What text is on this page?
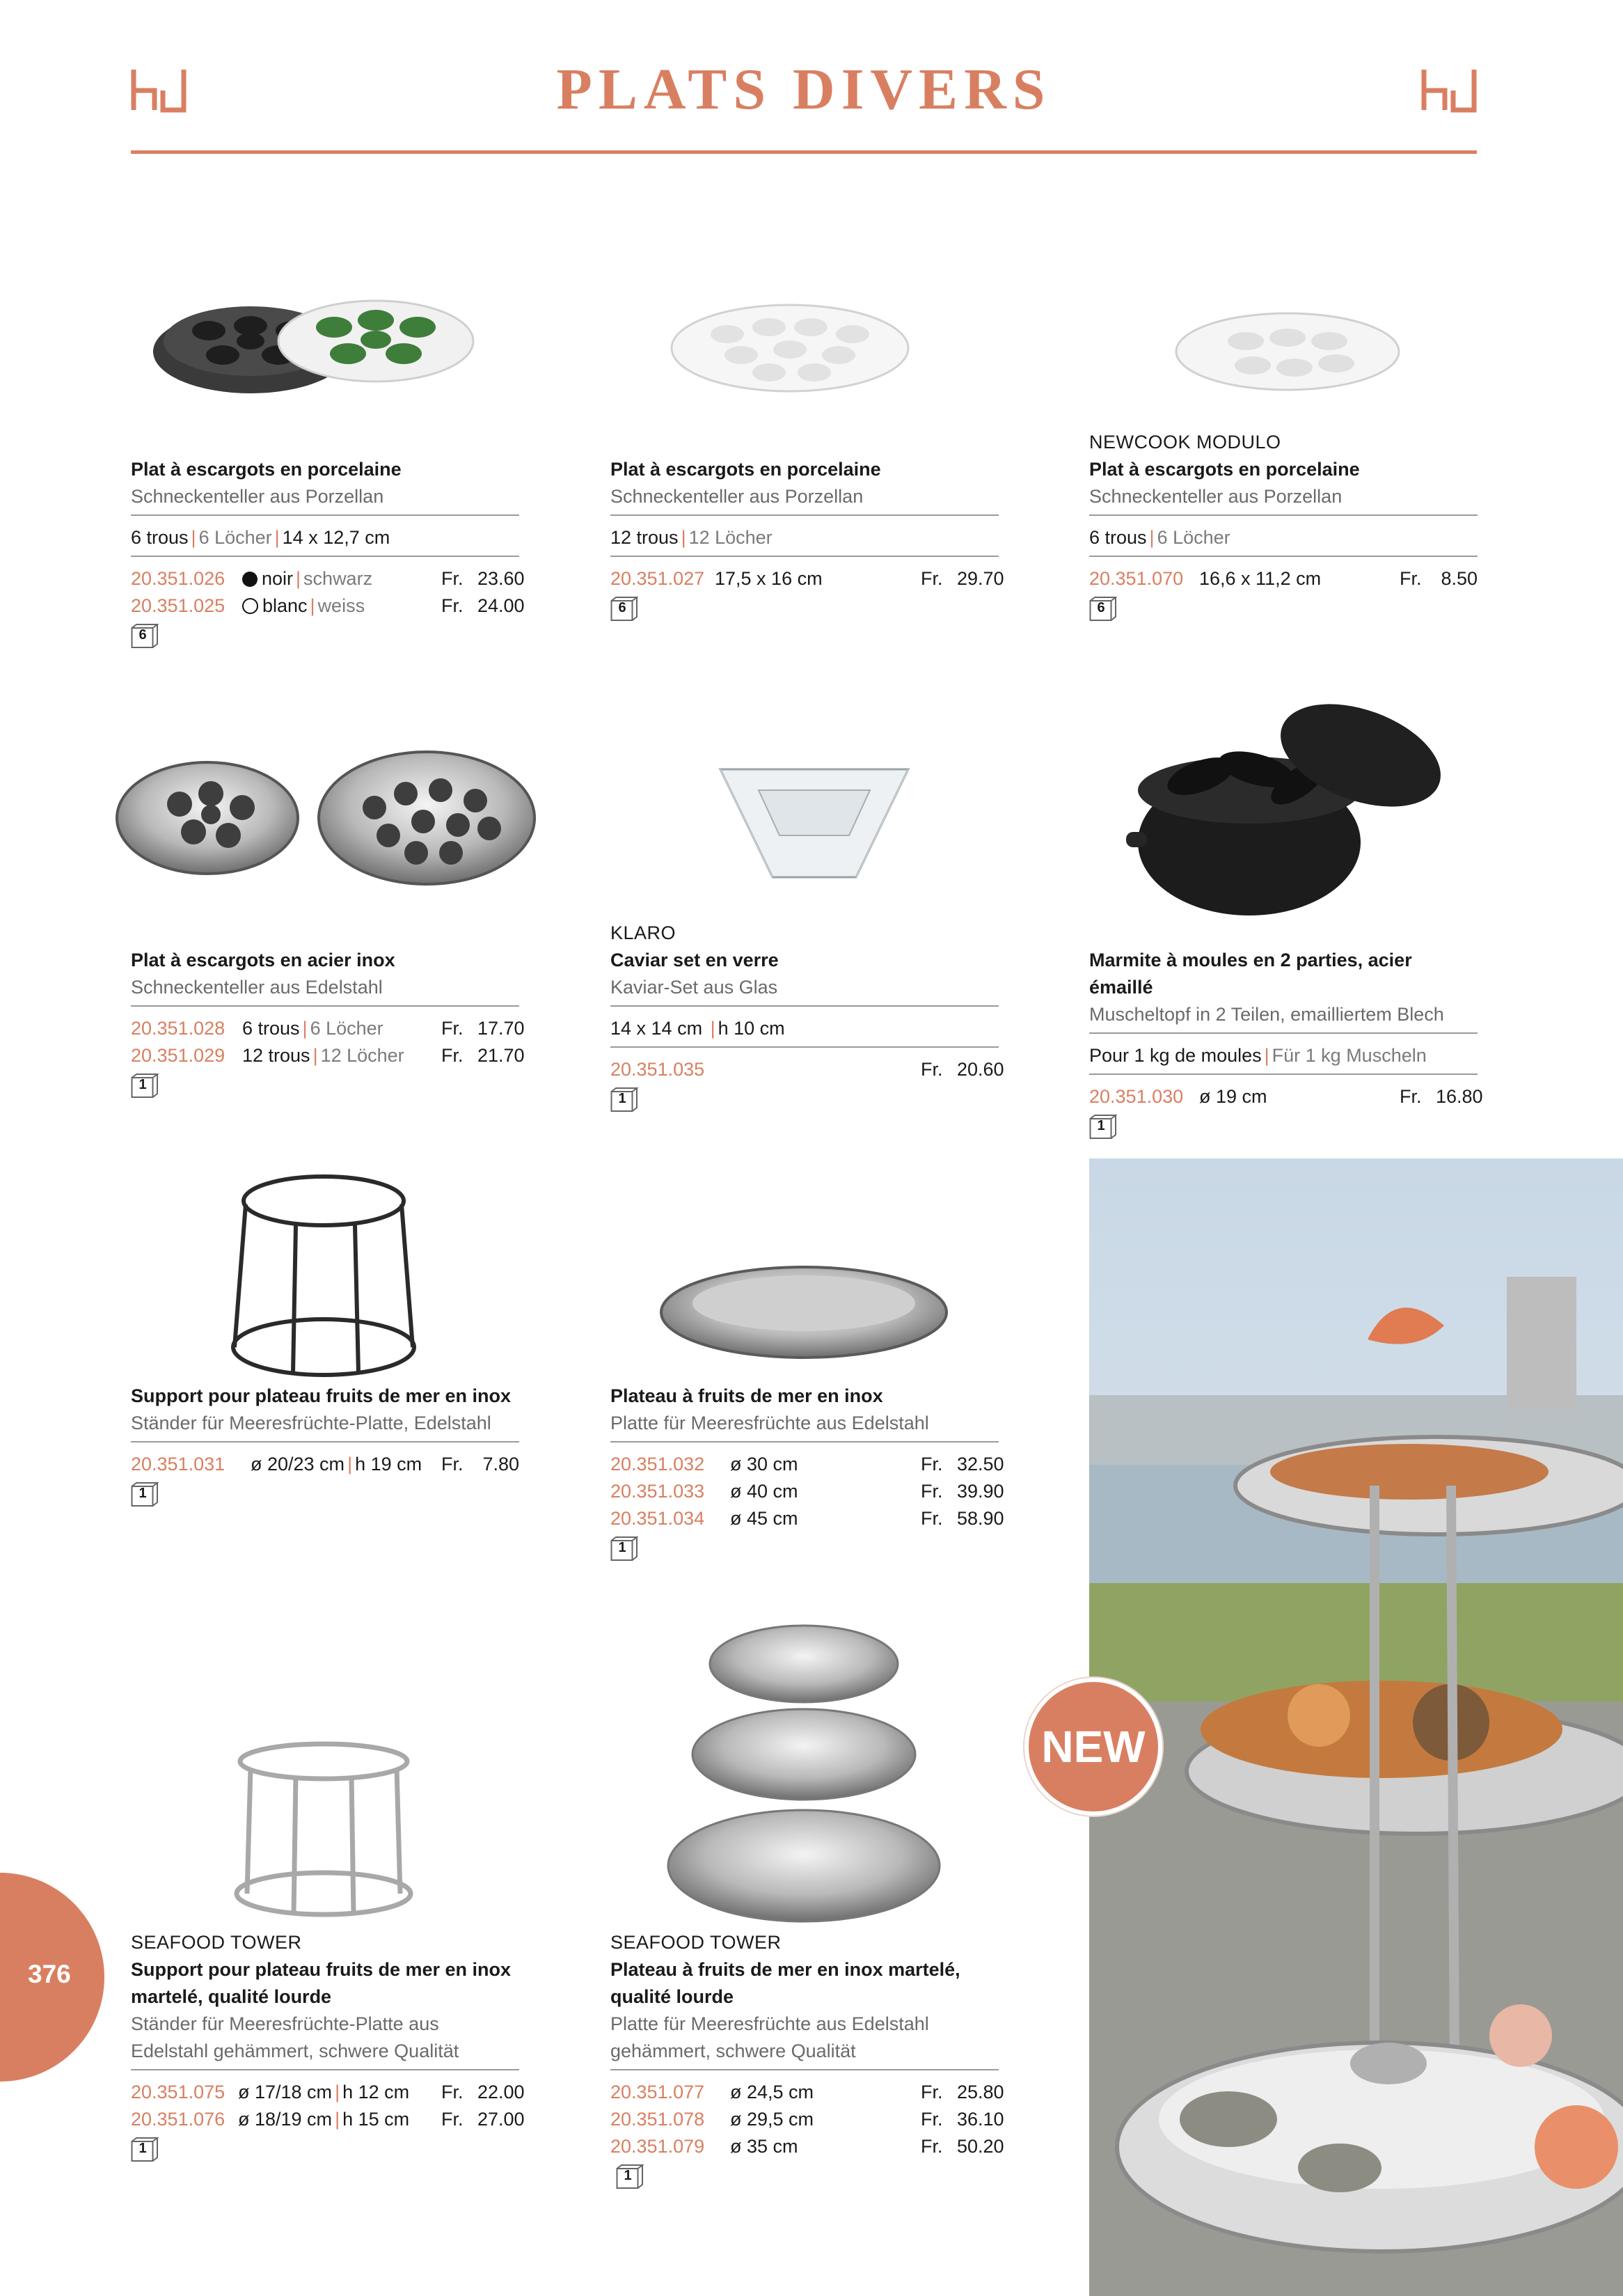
PLATS DIVERS
NEW
376
Plat à escargots en porcelaine
Schneckenteller aus Porzellan
6 trous | 6 Löcher | 14 x 12,7 cm
20.351.026	noir | schwarz	Fr. 23.60
20.351.025	blanc | weiss	Fr. 24.00
6
Plat à escargots en porcelaine
Schneckenteller aus Porzellan
12 trous | 12 Löcher
20.351.027 17,5 x 16 cm	Fr. 29.70
6
NEWCOOK MODULO
Plat à escargots en porcelaine
Schneckenteller aus Porzellan
6 trous | 6 Löcher
20.351.070 16,6 x 11,2 cm	Fr.	8.50
6
Plat à escargots en acier inox
Schneckenteller aus Edelstahl
20.351.028 6 trous | 6 Löcher	Fr. 17.70
20.351.029 12 trous | 12 Löcher	Fr. 21.70
1
KLARO
Caviar set en verre
Kaviar-Set aus Glas
14 x 14 cm | h 10 cm
20.351.035	Fr. 20.60
1
Marmite à moules en 2 parties, acier émaillé
Muscheltopf in 2 Teilen, emailliertem Blech
Pour 1 kg de moules | Für 1 kg Muscheln
20.351.030 ø 19 cm	Fr. 16.80
1
Support pour plateau fruits de mer en inox
Ständer für Meeresfrüchte-Platte, Edelstahl
20.351.031	ø 20/23 cm | h 19 cm	Fr.	7.80
1
Plateau à fruits de mer en inox
Platte für Meeresfrüchte aus Edelstahl
20.351.032	ø 30 cm	Fr. 32.50
20.351.033	ø 40 cm	Fr. 39.90
20.351.034	ø 45 cm	Fr. 58.90
1
SEAFOOD TOWER
Support pour plateau fruits de mer en inox martelé, qualité lourde
Ständer für Meeresfrüchte-Platte aus Edelstahl gehämmert, schwere Qualität
20.351.075 ø 17/18 cm | h 12 cm	Fr. 22.00
20.351.076 ø 18/19 cm | h 15 cm	Fr. 27.00
1
SEAFOOD TOWER
Plateau à fruits de mer en inox martelé, qualité lourde
Platte für Meeresfrüchte aus Edelstahl gehämmert, schwere Qualität
20.351.077	ø 24,5 cm	Fr. 25.80
20.351.078	ø 29,5 cm	Fr. 36.10
20.351.079	ø 35 cm	Fr. 50.20
1
